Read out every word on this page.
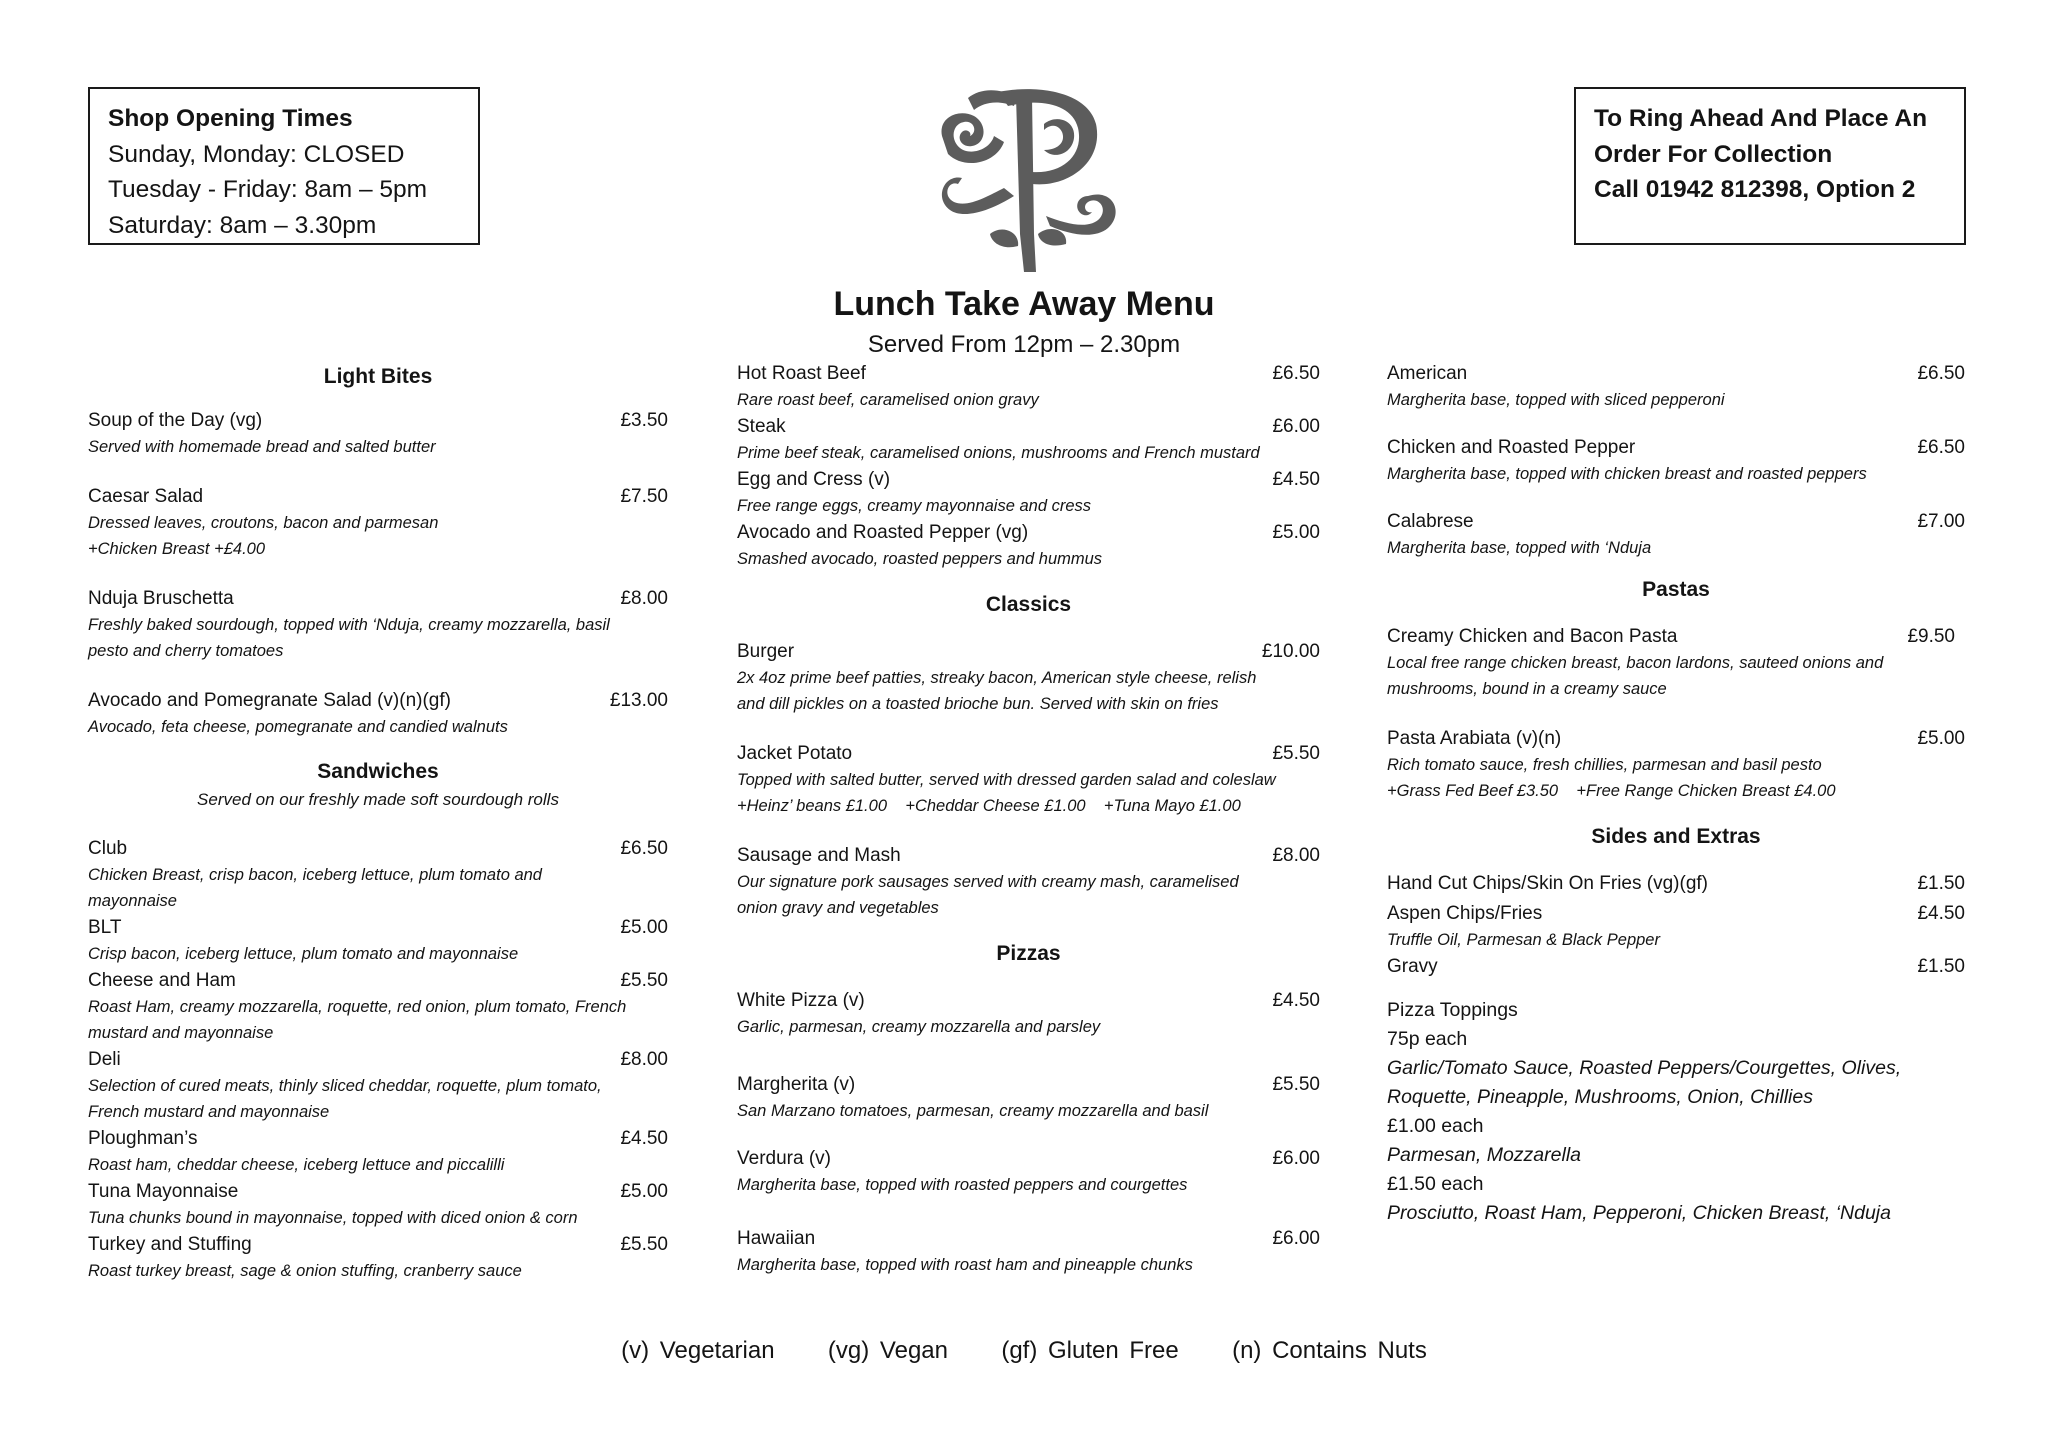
Shop Opening Times
Sunday, Monday: CLOSED
Tuesday - Friday: 8am – 5pm
Saturday: 8am – 3.30pm
To Ring Ahead And Place An
Order For Collection
Call 01942 812398, Option 2
Lunch Take Away Menu
Served From 12pm – 2.30pm
Light Bites
Soup of the Day (vg)	£3.50
Served with homemade bread and salted butter
Caesar Salad	£7.50
Dressed leaves, croutons, bacon and parmesan
+Chicken Breast +£4.00
Nduja Bruschetta	£8.00
Freshly baked sourdough, topped with ‘Nduja, creamy mozzarella, basil
pesto and cherry tomatoes
Avocado and Pomegranate Salad (v)(n)(gf)	£13.00
Avocado, feta cheese, pomegranate and candied walnuts
Sandwiches
Served on our freshly made soft sourdough rolls
Club	£6.50
Chicken Breast, crisp bacon, iceberg lettuce, plum tomato and
mayonnaise
BLT	£5.00
Crisp bacon, iceberg lettuce, plum tomato and mayonnaise
Cheese and Ham	£5.50
Roast Ham, creamy mozzarella, roquette, red onion, plum tomato, French
mustard and mayonnaise
Deli	£8.00
Selection of cured meats, thinly sliced cheddar, roquette, plum tomato,
French mustard and mayonnaise
Ploughman’s	£4.50
Roast ham, cheddar cheese, iceberg lettuce and piccalilli
Tuna Mayonnaise	£5.00
Tuna chunks bound in mayonnaise, topped with diced onion & corn
Turkey and Stuffing	£5.50
Roast turkey breast, sage & onion stuffing, cranberry sauce
Hot Roast Beef	£6.50
Rare roast beef, caramelised onion gravy
Steak	£6.00
Prime beef steak, caramelised onions, mushrooms and French mustard
Egg and Cress (v)	£4.50
Free range eggs, creamy mayonnaise and cress
Avocado and Roasted Pepper (vg)	£5.00
Smashed avocado, roasted peppers and hummus
Classics
Burger	£10.00
2x 4oz prime beef patties, streaky bacon, American style cheese, relish
and dill pickles on a toasted brioche bun. Served with skin on fries
Jacket Potato	£5.50
Topped with salted butter, served with dressed garden salad and coleslaw
+Heinz’ beans £1.00    +Cheddar Cheese £1.00    +Tuna Mayo £1.00
Sausage and Mash	£8.00
Our signature pork sausages served with creamy mash, caramelised
onion gravy and vegetables
Pizzas
White Pizza (v)	£4.50
Garlic, parmesan, creamy mozzarella and parsley
Margherita (v)	£5.50
San Marzano tomatoes, parmesan, creamy mozzarella and basil
Verdura (v)	£6.00
Margherita base, topped with roasted peppers and courgettes
Hawaiian	£6.00
Margherita base, topped with roast ham and pineapple chunks
American	£6.50
Margherita base, topped with sliced pepperoni
Chicken and Roasted Pepper	£6.50
Margherita base, topped with chicken breast and roasted peppers
Calabrese	£7.00
Margherita base, topped with ‘Nduja
Pastas
Creamy Chicken and Bacon Pasta	£9.50
Local free range chicken breast, bacon lardons, sauteed onions and
mushrooms, bound in a creamy sauce
Pasta Arabiata (v)(n)	£5.00
Rich tomato sauce, fresh chillies, parmesan and basil pesto
+Grass Fed Beef £3.50    +Free Range Chicken Breast £4.00
Sides and Extras
Hand Cut Chips/Skin On Fries (vg)(gf)	£1.50
Aspen Chips/Fries	£4.50
Truffle Oil, Parmesan & Black Pepper
Gravy	£1.50
Pizza Toppings
75p each
Garlic/Tomato Sauce, Roasted Peppers/Courgettes, Olives,
Roquette, Pineapple, Mushrooms, Onion, Chillies
£1.00 each
Parmesan, Mozzarella
£1.50 each
Prosciutto, Roast Ham, Pepperoni, Chicken Breast, ‘Nduja
(v) Vegetarian (vg) Vegan (gf) Gluten Free (n) Contains Nuts
